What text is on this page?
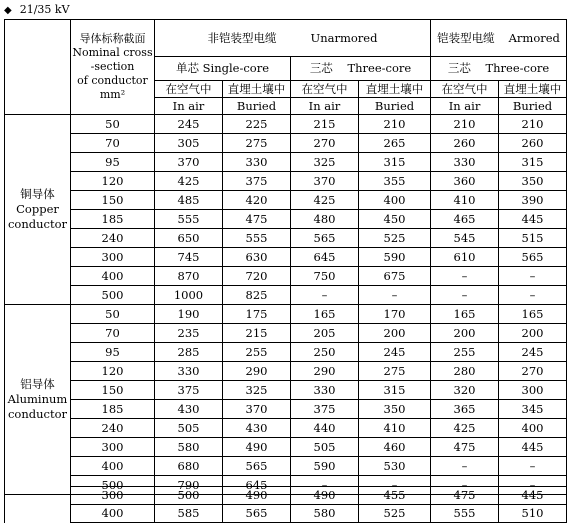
◆ 21/35 kV

	导体标称截面
Nominal cross
-section
of conductor
mm²	非铠装型电缆 Unarmored				铠装型电缆 Armored	
		单芯 Single-core		三芯 Three-core		三芯 Three-core	
		在空气中	直埋土壤中	在空气中	直埋土壤中	在空气中	直埋土壤中
		In air	Buried	In air	Buried	In air	Buried

铜导体
Copper
conductor	50	245	225	215	210	210	210
	70	305	275	270	265	260	260
	95	370	330	325	315	330	315
	120	425	375	370	355	360	350
	150	485	420	425	400	410	390
	185	555	475	480	450	465	445
	240	650	555	565	525	545	515
	300	745	630	645	590	610	565
	400	870	720	750	675	–	–
	500	1000	825	–	–	–	–

铝导体
Aluminum
conductor	50	190	175	165	170	165	165
	70	235	215	205	200	200	200
	95	285	255	250	245	255	245
	120	330	290	290	275	280	270
	150	375	325	330	315	320	300
	185	430	370	375	350	365	345
	240	505	430	440	410	425	400
	300	580	490	505	460	475	445
	400	680	565	590	530	–	–
	500	790	645	–	–	–	–
	300	500	490	490	455	475	445
	400	585	565	580	525	555	510
